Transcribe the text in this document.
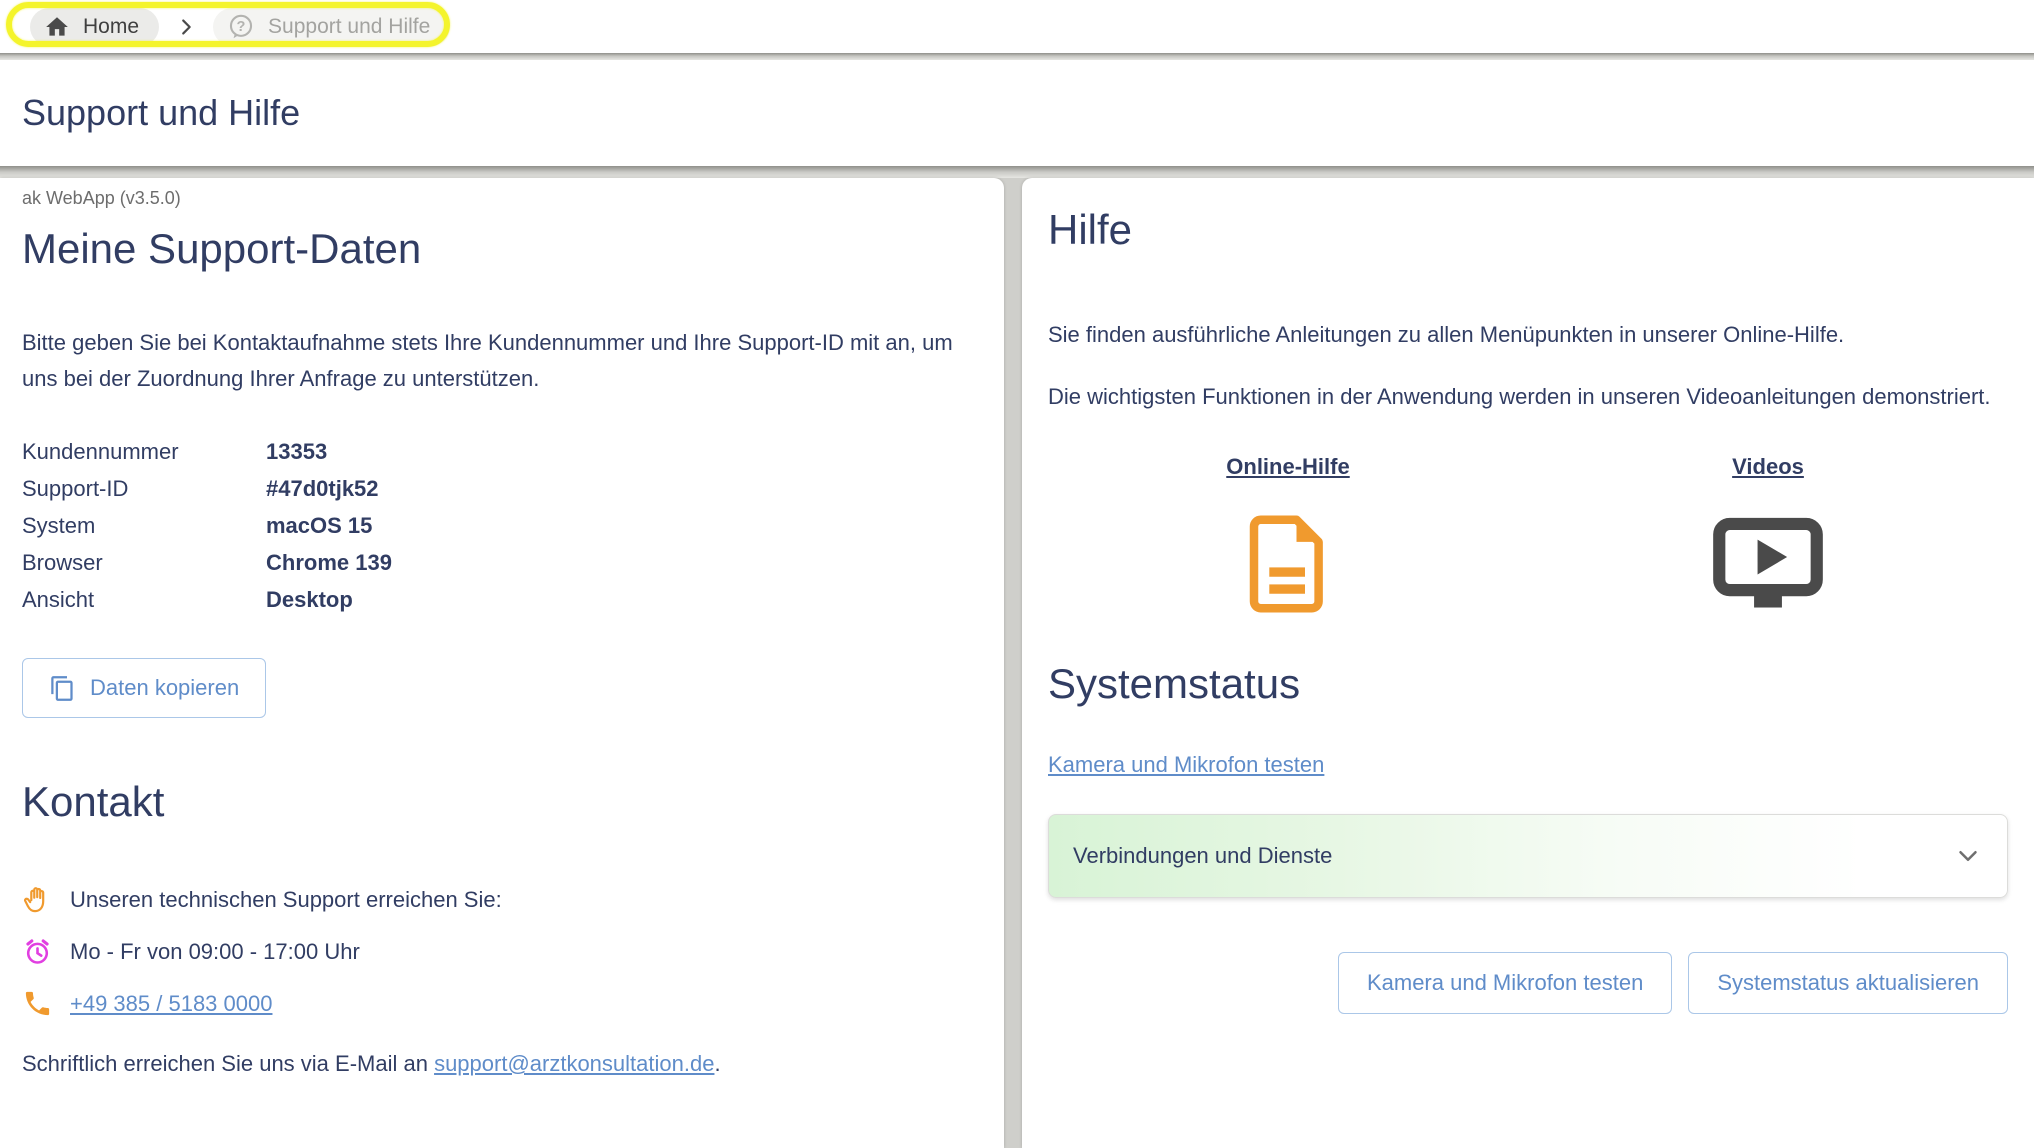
Home	? Support und Hilfe
Support und Hilfe
ak WebApp (v3.5.0)
Meine Support-Daten

Bitte geben Sie bei Kontaktaufnahme stets Ihre Kundennummer und Ihre Support-ID mit an, um uns bei der Zuordnung Ihrer Anfrage zu unterstützen.

Kundennummer	13353
Support-ID	#47d0tjk52
System	macOS 15
Browser	Chrome 139
Ansicht	Desktop
Daten kopieren
Kontakt
Unseren technischen Support erreichen Sie:
Mo - Fr von 09:00 - 17:00 Uhr
+49 385 / 5183 0000
Schriftlich erreichen Sie uns via E-Mail an support@arztkonsultation.de.
Hilfe

Sie finden ausführliche Anleitungen zu allen Menüpunkten in unserer Online-Hilfe.

Die wichtigsten Funktionen in der Anwendung werden in unseren Videoanleitungen demonstriert.

Online-Hilfe	Videos
Systemstatus
Kamera und Mikrofon testen
Verbindungen und Dienste
Kamera und Mikrofon testen	Systemstatus aktualisieren
